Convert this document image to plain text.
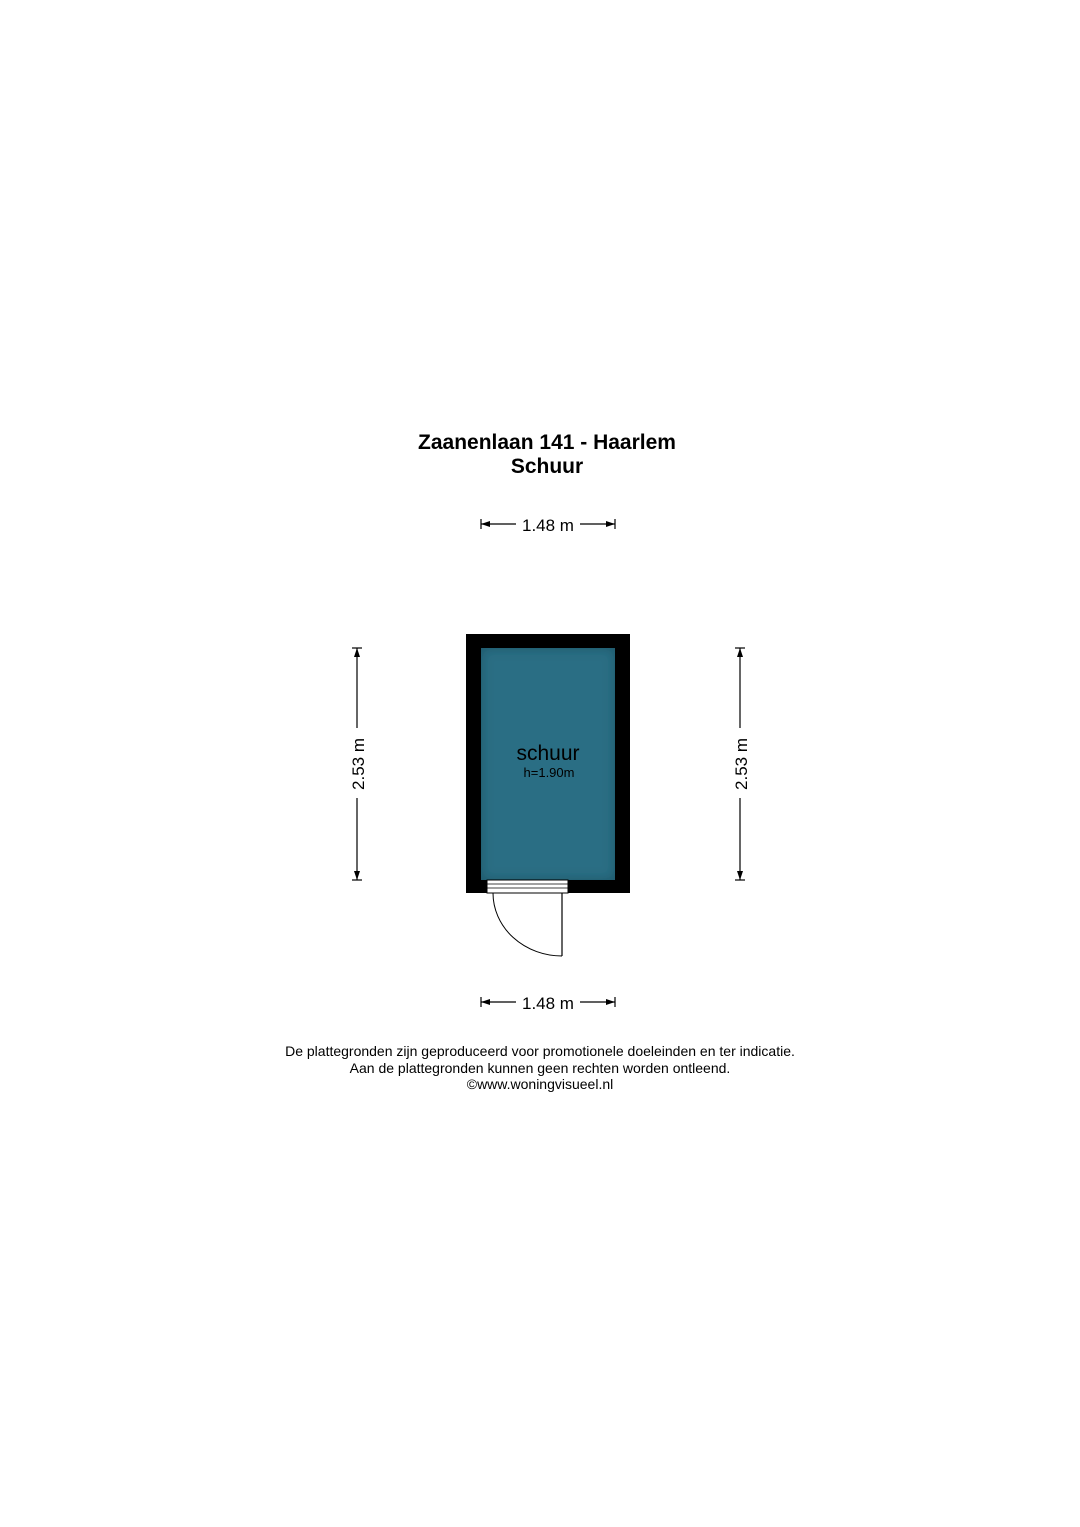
Zaanenlaan 141 - Haarlem
Schuur
1.48 m
1.48 m
2.53 m	2.53 m
schuur
h=1.90m
De plattegronden zijn geproduceerd voor promotionele doeleinden en ter indicatie.
Aan de plattegronden kunnen geen rechten worden ontleend.
©www.woningvisueel.nl
